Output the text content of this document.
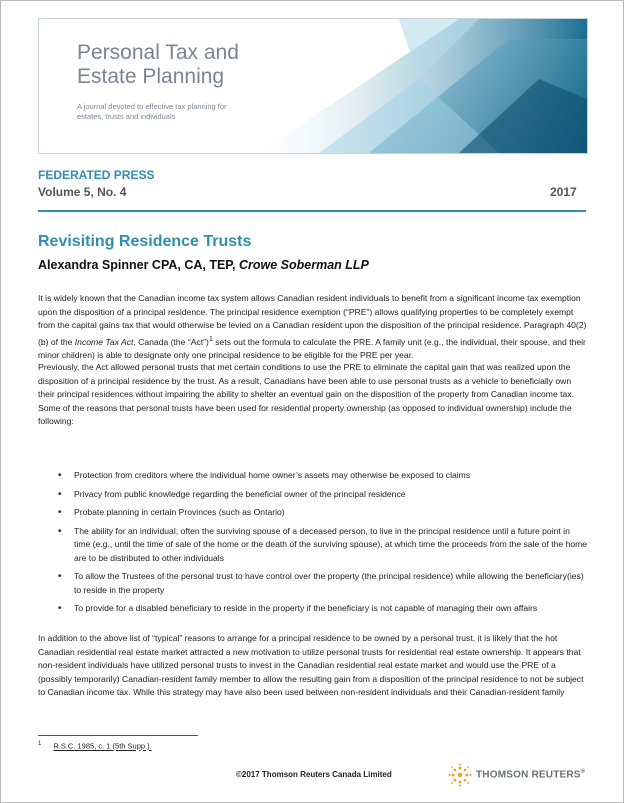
Personal Tax and
Estate Planning
A journal devoted to effective tax planning for estates, trusts and individuals
FEDERATED PRESS
Volume 5, No. 4	2017
Revisiting Residence Trusts
Alexandra Spinner CPA, CA, TEP, Crowe Soberman LLP

It is widely known that the Canadian income tax system allows Canadian resident individuals to benefit from a significant income tax exemption upon the disposition of a principal residence. The principal residence exemption (“PRE”) allows qualifying properties to be completely exempt from the capital gains tax that would otherwise be levied on a Canadian resident upon the disposition of the principal residence. Paragraph 40(2)(b) of the Income Tax Act, Canada (the “Act”)$^1$ sets out the formula to calculate the PRE. A family unit (e.g., the individual, their spouse, and their minor children) is able to designate only one principal residence to be eligible for the PRE per year.

Previously, the Act allowed personal trusts that met certain conditions to use the PRE to eliminate the capital gain that was realized upon the disposition of a principal residence by the trust. As a result, Canadians have been able to use personal trusts as a vehicle to beneficially own their principal residences without impairing the ability to shelter an eventual gain on the disposition of the property from Canadian income tax. Some of the reasons that personal trusts have been used for residential property ownership (as opposed to individual ownership) include the following:

• Protection from creditors where the individual home owner’s assets may otherwise be exposed to claims
• Privacy from public knowledge regarding the beneficial owner of the principal residence
• Probate planning in certain Provinces (such as Ontario)
• The ability for an individual, often the surviving spouse of a deceased person, to live in the principal residence until a future point in time (e.g., until the time of sale of the home or the death of the surviving spouse), at which time the proceeds from the sale of the home are to be distributed to other individuals
• To allow the Trustees of the personal trust to have control over the property (the principal residence) while allowing the beneficiary(ies) to reside in the property
• To provide for a disabled beneficiary to reside in the property if the beneficiary is not capable of managing their own affairs

In addition to the above list of “typical” reasons to arrange for a principal residence to be owned by a personal trust, it is likely that the hot Canadian residential real estate market attracted a new motivation to utilize personal trusts for residential real estate ownership. It appears that non-resident individuals have utilized personal trusts to invest in the Canadian residential real estate market and would use the PRE of a (possibly temporarily) Canadian-resident family member to allow the resulting gain from a disposition of the principal residence to not be subject to Canadian income tax. While this strategy may have also been used between non-resident individuals and their Canadian-resident family

$^1$ R.S.C. 1985, c. 1 (5th Supp.).
©2017 Thomson Reuters Canada Limited	THOMSON REUTERS®
